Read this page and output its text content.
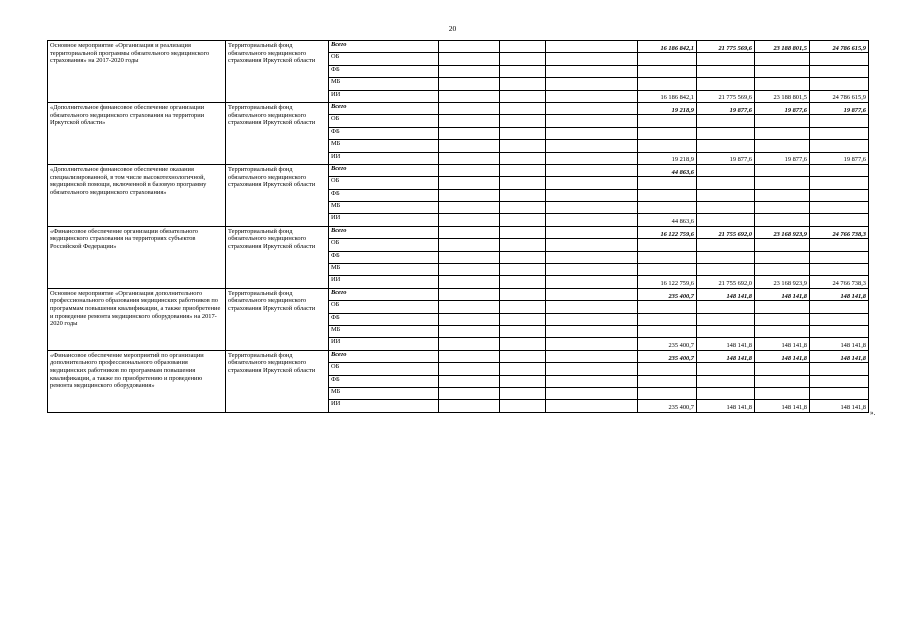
20
Основное мероприятие «Организация и реализация территориальной программы обязательного медицинского страхования» на 2017-2020 годы	Территориальный фонд обязательного медицинского страхования Иркутской области	Всего				16 186 842,1	21 775 569,6	23 188 801,5	24 786 615,9
		ОБ							
		ФБ							
		МБ							
		ИИ				16 186 842,1	21 775 569,6	23 188 801,5	24 786 615,9
«Дополнительное финансовое обеспечение организации обязательного медицинского страхования на территории Иркутской области»	Территориальный фонд обязательного медицинского страхования Иркутской области	Всего				19 218,9	19 877,6	19 877,6	19 877,6
		ОБ							
		ФБ							
		МБ							
		ИИ				19 218,9	19 877,6	19 877,6	19 877,6
«Дополнительное финансовое обеспечение оказания специализированной, в том числе высокотехнологичной, медицинской помощи, включенной в базовую программу обязательного медицинского страхования»	Территориальный фонд обязательного медицинского страхования Иркутской области	Всего				44 863,6			
		ОБ							
		ФБ							
		МБ							
		ИИ				44 863,6			
«Финансовое обеспечение организации обязательного медицинского страхования на территориях субъектов Российской Федерации»	Территориальный фонд обязательного медицинского страхования Иркутской области	Всего				16 122 759,6	21 755 692,0	23 168 923,9	24 766 738,3
		ОБ							
		ФБ							
		МБ							
		ИИ				16 122 759,6	21 755 692,0	23 168 923,9	24 766 738,3
Основное мероприятие «Организация дополнительного профессионального образования медицинских работников по программам повышения квалификации, а также приобретение и проведение ремонта медицинского оборудования» на 2017-2020 годы	Территориальный фонд обязательного медицинского страхования Иркутской области	Всего				235 400,7	148 141,8	148 141,8	148 141,8
		ОБ							
		ФБ							
		МБ							
		ИИ				235 400,7	148 141,8	148 141,8	148 141,8
«Финансовое обеспечение мероприятий по организации дополнительного профессионального образования медицинских работников по программам повышения квалификации, а также по приобретению и проведению ремонта медицинского оборудования»	Территориальный фонд обязательного медицинского страхования Иркутской области	Всего				235 400,7	148 141,8	148 141,8	148 141,8
		ОБ							
		ФБ							
		МБ							
		ИИ				235 400,7	148 141,8	148 141,8	148 141,8
».
